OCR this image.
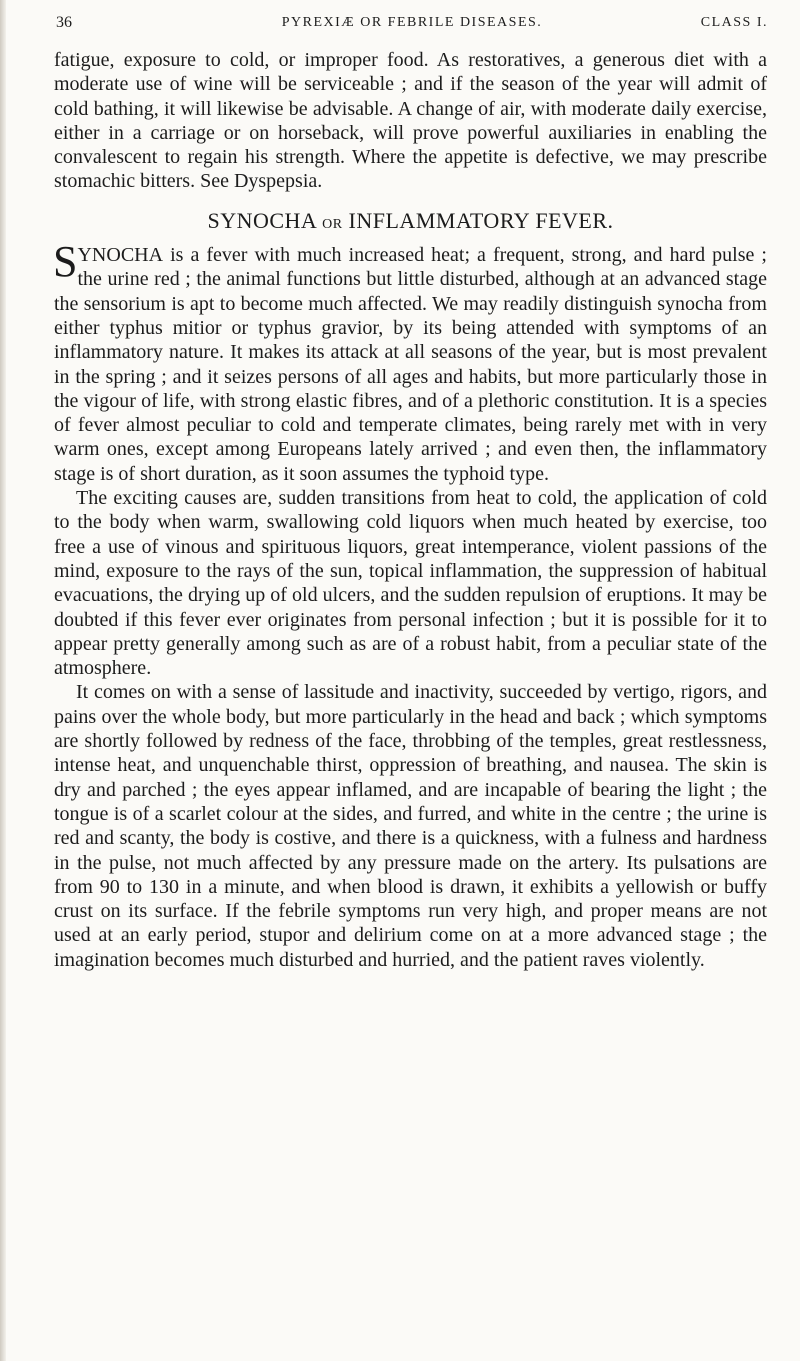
36	PYREXIÆ OR FEBRILE DISEASES.	CLASS I.

fatigue, exposure to cold, or improper food. As restoratives, a generous diet with a moderate use of wine will be serviceable ; and if the season of the year will admit of cold bathing, it will likewise be advisable. A change of air, with moderate daily exercise, either in a carriage or on horseback, will prove powerful auxiliaries in enabling the convalescent to regain his strength. Where the appetite is defective, we may prescribe stomachic bitters. See Dyspepsia.

SYNOCHA OR INFLAMMATORY FEVER.

SYNOCHA is a fever with much increased heat; a frequent, strong, and hard pulse ; the urine red ; the animal functions but little disturbed, although at an advanced stage the sensorium is apt to become much affected. We may readily distinguish synocha from either typhus mitior or typhus gravior, by its being attended with symptoms of an inflammatory nature. It makes its attack at all seasons of the year, but is most prevalent in the spring ; and it seizes persons of all ages and habits, but more particularly those in the vigour of life, with strong elastic fibres, and of a plethoric constitution. It is a species of fever almost peculiar to cold and temperate climates, being rarely met with in very warm ones, except among Europeans lately arrived ; and even then, the inflammatory stage is of short duration, as it soon assumes the typhoid type.

The exciting causes are, sudden transitions from heat to cold, the application of cold to the body when warm, swallowing cold liquors when much heated by exercise, too free a use of vinous and spirituous liquors, great intemperance, violent passions of the mind, exposure to the rays of the sun, topical inflammation, the suppression of habitual evacuations, the drying up of old ulcers, and the sudden repulsion of eruptions. It may be doubted if this fever ever originates from personal infection ; but it is possible for it to appear pretty generally among such as are of a robust habit, from a peculiar state of the atmosphere.

It comes on with a sense of lassitude and inactivity, succeeded by vertigo, rigors, and pains over the whole body, but more particularly in the head and back ; which symptoms are shortly followed by redness of the face, throbbing of the temples, great restlessness, intense heat, and unquenchable thirst, oppression of breathing, and nausea. The skin is dry and parched ; the eyes appear inflamed, and are incapable of bearing the light ; the tongue is of a scarlet colour at the sides, and furred, and white in the centre ; the urine is red and scanty, the body is costive, and there is a quickness, with a fulness and hardness in the pulse, not much affected by any pressure made on the artery. Its pulsations are from 90 to 130 in a minute, and when blood is drawn, it exhibits a yellowish or buffy crust on its surface. If the febrile symptoms run very high, and proper means are not used at an early period, stupor and delirium come on at a more advanced stage ; the imagination becomes much disturbed and hurried, and the patient raves violently.
